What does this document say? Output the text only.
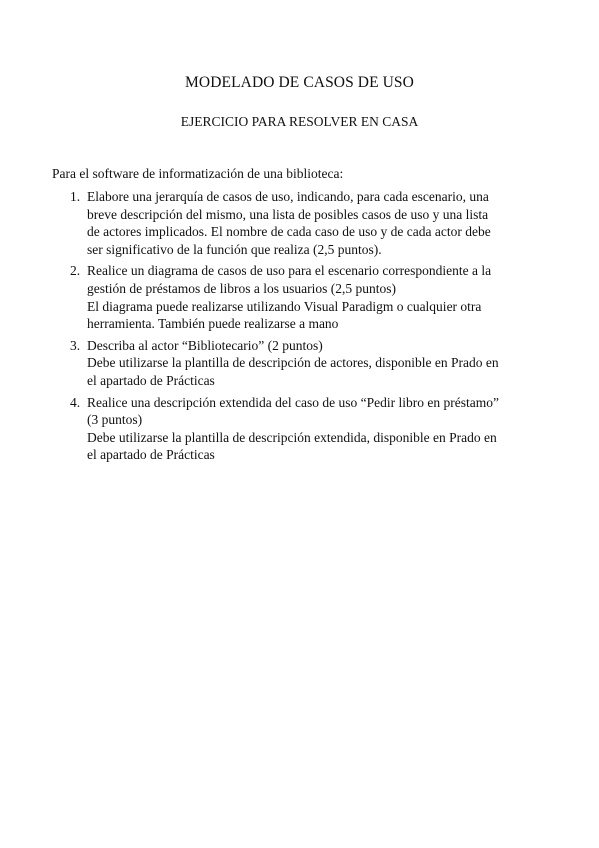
MODELADO DE CASOS DE USO
EJERCICIO PARA RESOLVER EN CASA
Para el software de informatización de una biblioteca:
1. Elabore una jerarquía de casos de uso, indicando, para cada escenario, una
breve descripción del mismo, una lista de posibles casos de uso y una lista
de actores implicados. El nombre de cada caso de uso y de cada actor debe
ser significativo de la función que realiza (2,5 puntos).
2. Realice un diagrama de casos de uso para el escenario correspondiente a la
gestión de préstamos de libros a los usuarios (2,5 puntos)
El diagrama puede realizarse utilizando Visual Paradigm o cualquier otra
herramienta. También puede realizarse a mano
3. Describa al actor “Bibliotecario” (2 puntos)
Debe utilizarse la plantilla de descripción de actores, disponible en Prado en
el apartado de Prácticas
4. Realice una descripción extendida del caso de uso “Pedir libro en préstamo”
(3 puntos)
Debe utilizarse la plantilla de descripción extendida, disponible en Prado en
el apartado de Prácticas
